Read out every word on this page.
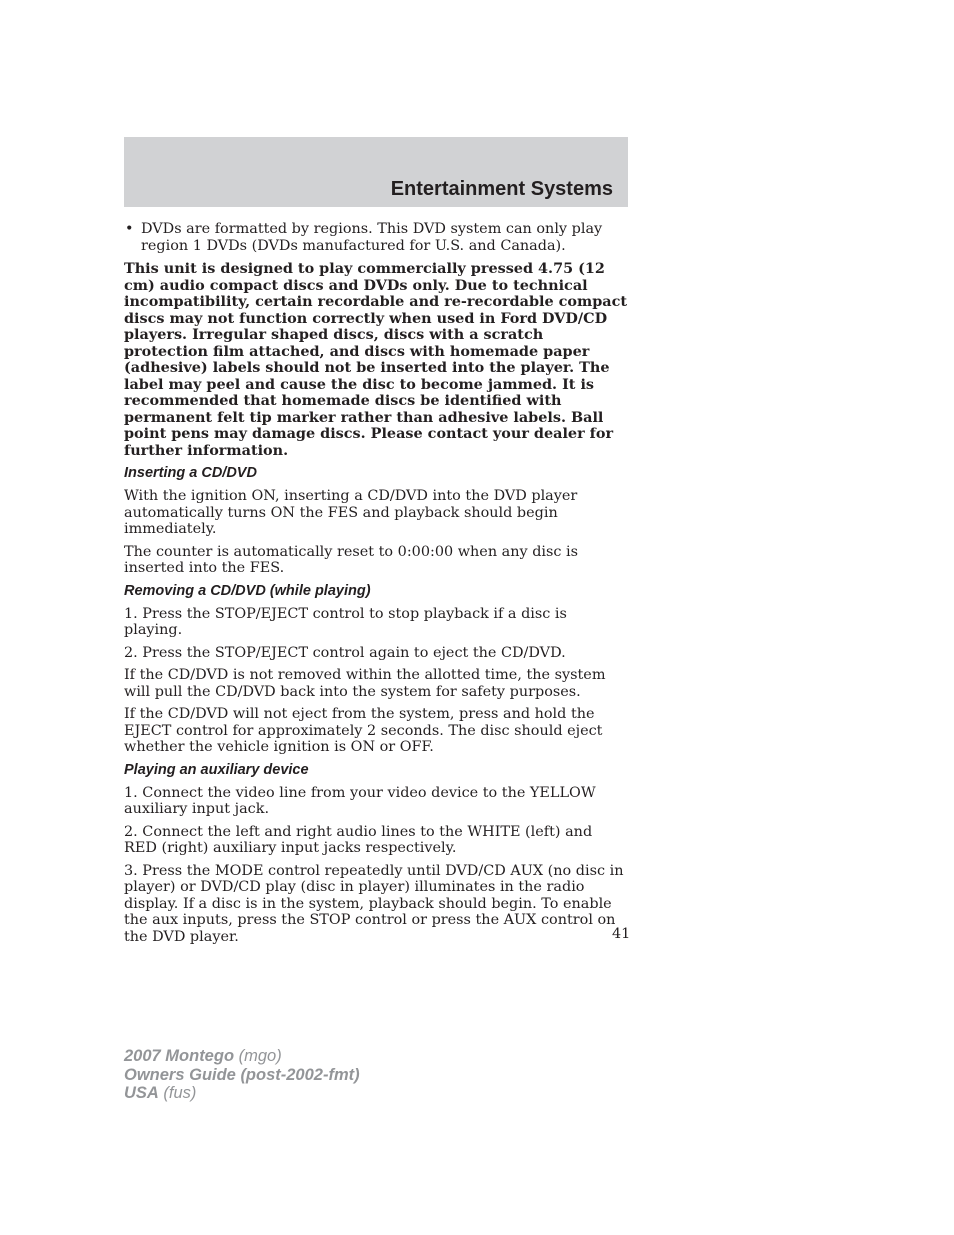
Entertainment Systems
• DVDs are formatted by regions. This DVD system can only play region 1 DVDs (DVDs manufactured for U.S. and Canada).

This unit is designed to play commercially pressed 4.75 (12 cm) audio compact discs and DVDs only. Due to technical incompatibility, certain recordable and re-recordable compact discs may not function correctly when used in Ford DVD/CD players. Irregular shaped discs, discs with a scratch protection film attached, and discs with homemade paper (adhesive) labels should not be inserted into the player. The label may peel and cause the disc to become jammed. It is recommended that homemade discs be identified with permanent felt tip marker rather than adhesive labels. Ball point pens may damage discs. Please contact your dealer for further information.

Inserting a CD/DVD

With the ignition ON, inserting a CD/DVD into the DVD player automatically turns ON the FES and playback should begin immediately.

The counter is automatically reset to 0:00:00 when any disc is inserted into the FES.

Removing a CD/DVD (while playing)

1. Press the STOP/EJECT control to stop playback if a disc is playing.

2. Press the STOP/EJECT control again to eject the CD/DVD.

If the CD/DVD is not removed within the allotted time, the system will pull the CD/DVD back into the system for safety purposes.

If the CD/DVD will not eject from the system, press and hold the EJECT control for approximately 2 seconds. The disc should eject whether the vehicle ignition is ON or OFF.

Playing an auxiliary device

1. Connect the video line from your video device to the YELLOW auxiliary input jack.

2. Connect the left and right audio lines to the WHITE (left) and RED (right) auxiliary input jacks respectively.

3. Press the MODE control repeatedly until DVD/CD AUX (no disc in player) or DVD/CD play (disc in player) illuminates in the radio display. If a disc is in the system, playback should begin. To enable the aux inputs, press the STOP control or press the AUX control on the DVD player.	41
2007 Montego (mgo)
Owners Guide (post-2002-fmt)
USA (fus)
